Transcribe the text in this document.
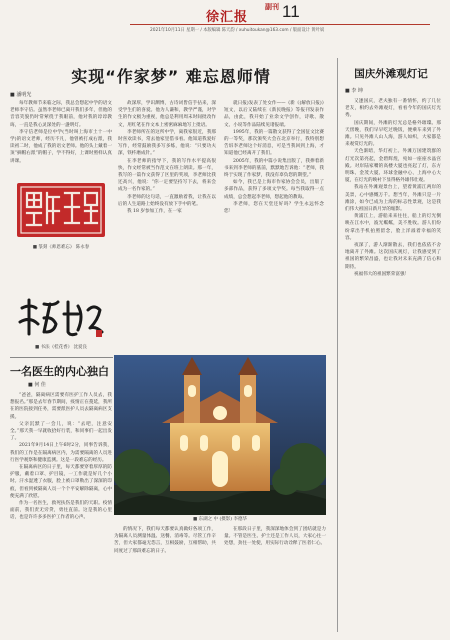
徐汇报
副刊 11
2021年10月11日 星期一 / 本版编辑 陈天韵 / xuhuitoukan@163.com / 版面设计 黄叶斌
实现“作家梦” 难忘恩师情
■ 潘明光

每年教师节来临之际，我总会想起中学的语文老师李守信。虽然李老师已离开我们多年，但他的音容笑貌仍时常萦绕于我眼前，他对我的谆谆教诲，一直是我心灵深处的一盏明灯。

李守信老师是位中学(当时叫上海市土十一中学)的语文老师，经历不凡，他曾被打成右派，我读初二时，他成了我的语文老师。他的头上戴着一顶“摘帽右派”的帽子，学不得好，上课时照样认真讲课。

故深厚，学识渊博，古诗词皆信手拈来，深受学生们的喜爱。他为人谦和，教学严谨，对学生的作文极为重视，他总是利用周末时间批改作文，用红笔在作文本上密密麻麻地写上批语。

李老师所在的这所中学，离我家很近，我那时喜欢读书，常去他家里借书看。他知道我爱好写作，经常鼓励我多写多练，他说：“只要功夫深，铁杵磨成针。”

在李老师的指导下，我的写作水平提高很快，作文经常被当作范文在班上朗读。那一年，我写的一篇作文获得了区里的奖项，李老师比我还高兴，他说：“你一定要坚持写下去，将来会成为一名作家的。”

李老师的这句话，一直激励着我，让我在以后的人生道路上始终没有放下手中的笔。

我 18 岁参加工作，在一家

就日报)发表了处女作——《新《(解放日报)》短文，以后又陆续在《新民晚报》等报刊发表作品，由此，我开始了业余文学创作，诗歌、散文、小说等作品陆续见诸报端。

1995年，我的一篇散文获得了全国征文比赛的一等奖，那次颁奖大会在北京举行，我特别想告诉李老师这个好消息，可是当我回到上海，才知道他已经离开了我们。

2005年，我的中篇小说集出版了，我捧着新书来到李老师的墓前，默默地告诉他：“老师，我终于实现了作家梦，我没有辜负您的期望。”

如今，我已是上海市作家协会会员，出版了多部作品，获得了多项文学奖。每当我取得一点成绩，总会想起李老师，想起他的教诲。

李老师，您在天堂还好吗？学生永远怀念您！

■ 篆刻《师恩难忘》 陈永春
■ 书法《桂花香》 沈爱良
一名医生的内心独白
■ 何 佳

“爸爸，隔离病区需要有医护工作人员去，我想报名。”那是去年春节期间，疫情正在蔓延，我所在的医院接到任务，需要派医护人员去隔离病区支援。

父亲沉默了一会儿，说：“去吧，注意安全。”那天我一早就收拾好行装，和同事们一起出发了。

2021年9月14日上午6时2分，同事告诉我，我们的工作是在隔离病区内，为需要隔离的人员进行医学观察和健康监测。这是一段难忘的经历。

在隔离病区的日子里，每天都要穿着厚厚的防护服，戴着口罩、护目镜，一工作就是好几个小时。汗水湿透了衣服，脸上被口罩勒出了深深的印痕，但看到被隔离人员一个个平安解除隔离，心中便充满了欣慰。

作为一名医生，救死扶伤是我们的天职。疫情面前，我们责无旁贷，勇往直前。这是我的心里话，也是许许多多医护工作者的心声。	■ 东湖之 中 (摄影) 李德华

的情况下，我们每天都要认真做好各项工作，为隔离人员测量体温、送餐、消毒等。尽管工作辛苦，但大家都毫无怨言，互相鼓励，互相帮助，共同度过了那段难忘的日子。

在那段日子里，我深深地体会到了团结就是力量。不管是医生、护士还是工作人员，大家心往一处想，劲往一处使，用实际行动诠释了医者仁心。

国庆外滩观灯记
■ 李 坤

又逢国庆，老夫独有一番情怀，约了几位老友，相约去外滩观灯，看看今年的国庆灯光秀。

国庆期间，外滩的灯光总是格外璀璨。那天傍晚，我们早早吃过晚饭，便乘车来到了外滩。只见外滩人山人海，游人如织，大家都是来观赏灯光的。

天色渐暗，华灯初上。外滩万国建筑群的灯光次第亮起，金碧辉煌，宛如一座座水晶宫殿。对岸陆家嘴的高楼大厦也亮起了灯，东方明珠、金茂大厦、环球金融中心、上海中心大厦，在灯光的映衬下显得格外雄伟壮观。

我站在外滩观景台上，望着黄浦江两岸的美景，心中感慨万千。想当年，外滩只是一片滩涂，如今已成为上海的标志性景观，这是我们伟大祖国日新月异的缩影。

黄浦江上，游船来来往往，船上的灯光倒映在江水中，波光粼粼，美不胜收。游人们纷纷拿出手机拍照留念，脸上洋溢着幸福的笑容。

夜深了，游人渐渐散去，我们也依依不舍地离开了外滩。这次国庆观灯，让我感受到了祖国的繁荣昌盛，也让我对未来充满了信心和期待。

祝福伟大的祖国繁荣富强！
